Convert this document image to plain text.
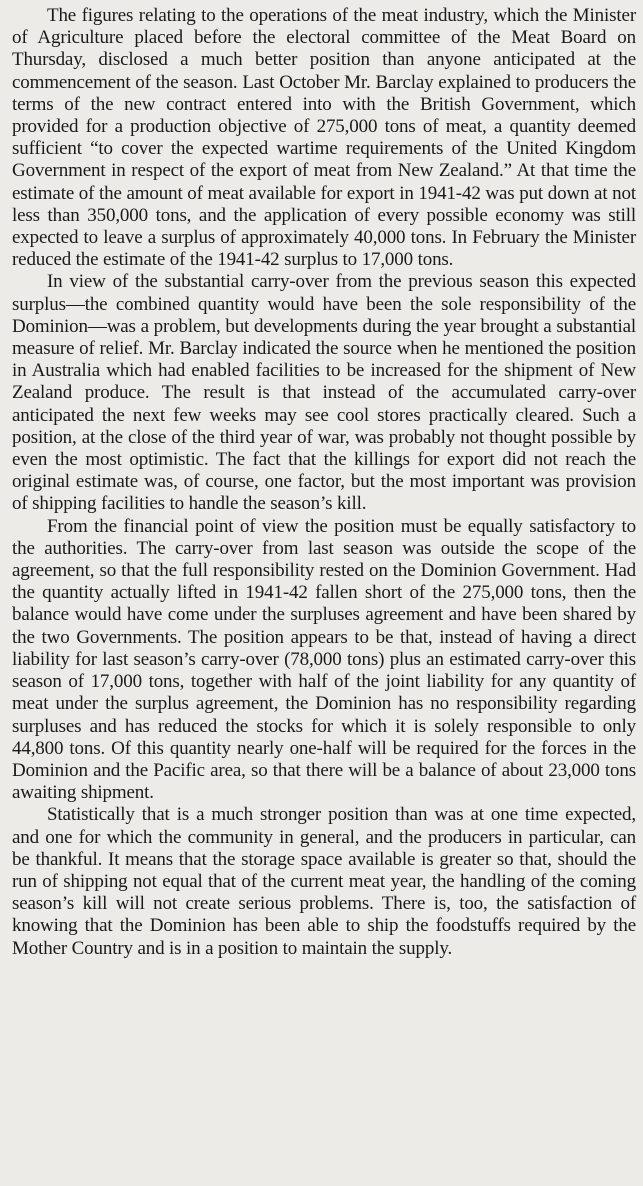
The figures relating to the operations of the meat industry, which the Minister of Agriculture placed before the electoral committee of the Meat Board on Thursday, disclosed a much better position than anyone anticipated at the commencement of the season. Last October Mr. Barclay explained to producers the terms of the new contract entered into with the British Government, which provided for a production objective of 275,000 tons of meat, a quantity deemed sufficient “to cover the expected wartime requirements of the United Kingdom Government in respect of the export of meat from New Zealand.” At that time the estimate of the amount of meat available for export in 1941-42 was put down at not less than 350,000 tons, and the application of every possible economy was still expected to leave a surplus of approximately 40,000 tons. In February the Minister reduced the estimate of the 1941-42 surplus to 17,000 tons.

In view of the substantial carry-over from the previous season this expected surplus—the combined quantity would have been the sole responsibility of the Dominion—was a problem, but developments during the year brought a substantial measure of relief. Mr. Barclay indicated the source when he mentioned the position in Australia which had enabled facilities to be increased for the shipment of New Zealand produce. The result is that instead of the accumulated carry-over anticipated the next few weeks may see cool stores practically cleared. Such a position, at the close of the third year of war, was probably not thought possible by even the most optimistic. The fact that the killings for export did not reach the original estimate was, of course, one factor, but the most important was provision of shipping facilities to handle the season’s kill.

From the financial point of view the position must be equally satisfactory to the authorities. The carry-over from last season was outside the scope of the agreement, so that the full responsibility rested on the Dominion Government. Had the quantity actually lifted in 1941-42 fallen short of the 275,000 tons, then the balance would have come under the surpluses agreement and have been shared by the two Governments. The position appears to be that, instead of having a direct liability for last season’s carry-over (78,000 tons) plus an estimated carry-over this season of 17,000 tons, together with half of the joint liability for any quantity of meat under the surplus agreement, the Dominion has no responsibility regarding surpluses and has reduced the stocks for which it is solely responsible to only 44,800 tons. Of this quantity nearly one-half will be required for the forces in the Dominion and the Pacific area, so that there will be a balance of about 23,000 tons awaiting shipment.

Statistically that is a much stronger position than was at one time expected, and one for which the community in general, and the producers in particular, can be thankful. It means that the storage space available is greater so that, should the run of shipping not equal that of the current meat year, the handling of the coming season’s kill will not create serious problems. There is, too, the satisfaction of knowing that the Dominion has been able to ship the foodstuffs required by the Mother Country and is in a position to maintain the supply.
